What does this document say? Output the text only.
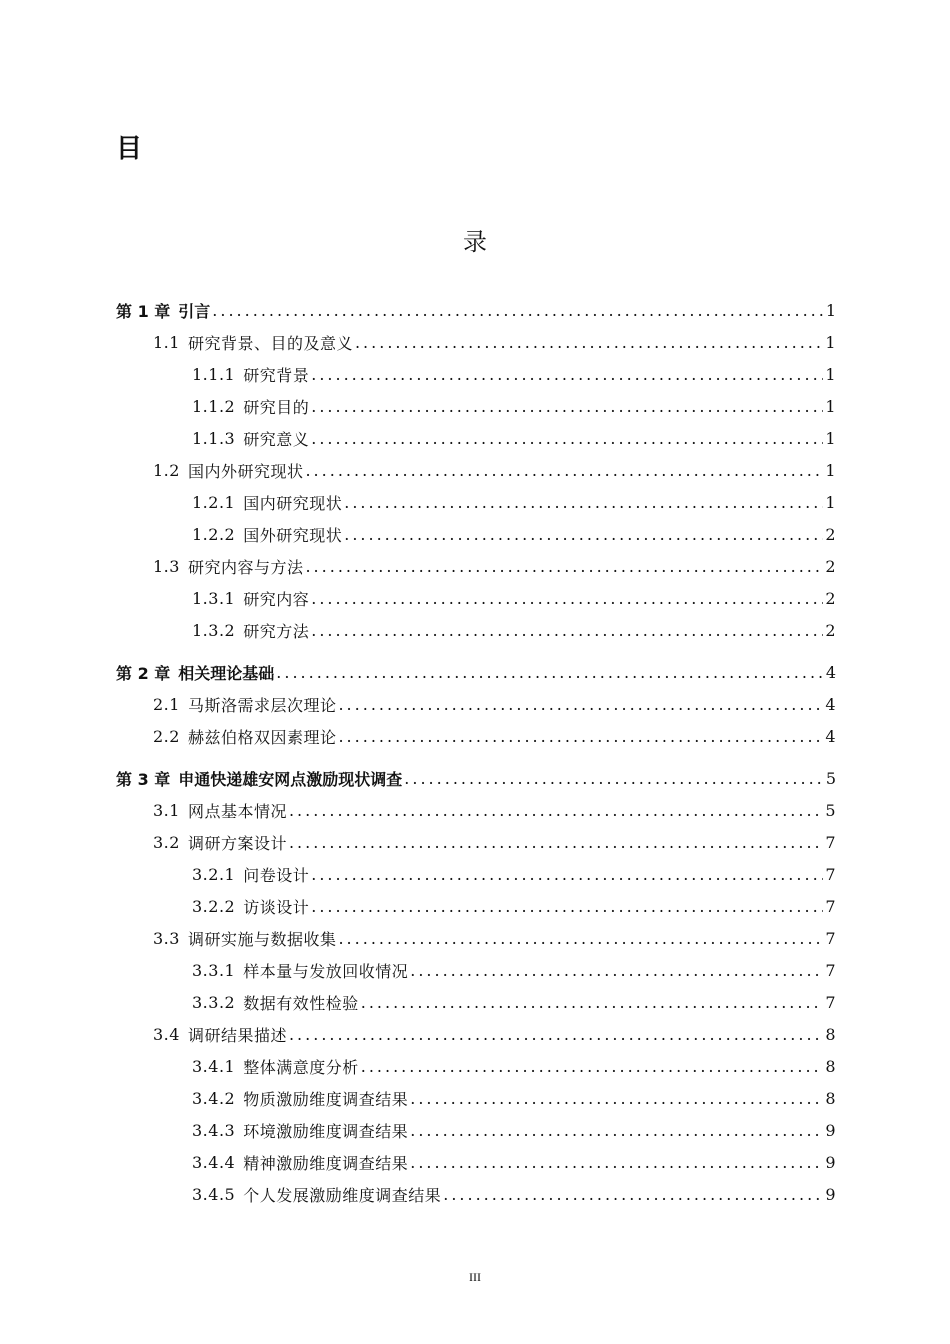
目
录
第 1 章 引言 .....	1
1.1 研究背景、目的及意义 .....	1
1.1.1 研究背景 .....	1
1.1.2 研究目的 .....	1
1.1.3 研究意义 .....	1
1.2 国内外研究现状 .....	1
1.2.1 国内研究现状 .....	1
1.2.2 国外研究现状 .....	2
1.3 研究内容与方法 .....	2
1.3.1 研究内容 .....	2
1.3.2 研究方法 .....	2
第 2 章 相关理论基础 .....	4
2.1 马斯洛需求层次理论 .....	4
2.2 赫兹伯格双因素理论 .....	4
第 3 章 申通快递雄安网点激励现状调查 .....	5
3.1 网点基本情况 .....	5
3.2 调研方案设计 .....	7
3.2.1 问卷设计 .....	7
3.2.2 访谈设计 .....	7
3.3 调研实施与数据收集 .....	7
3.3.1 样本量与发放回收情况 .....	7
3.3.2 数据有效性检验 .....	7
3.4 调研结果描述 .....	8
3.4.1 整体满意度分析 .....	8
3.4.2 物质激励维度调查结果 .....	8
3.4.3 环境激励维度调查结果 .....	9
3.4.4 精神激励维度调查结果 .....	9
3.4.5 个人发展激励维度调查结果 .....	9
III
